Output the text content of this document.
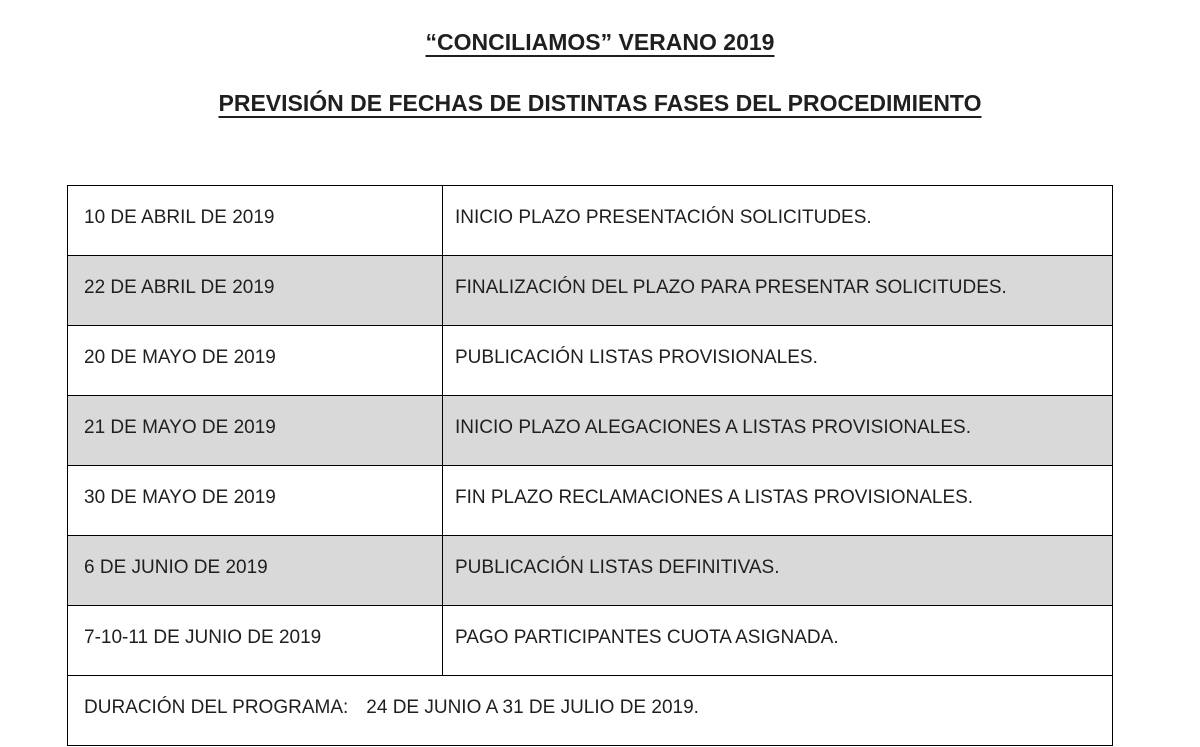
“CONCILIAMOS” VERANO 2019
PREVISIÓN DE FECHAS DE DISTINTAS FASES DEL PROCEDIMIENTO
10 DE ABRIL DE 2019	INICIO PLAZO PRESENTACIÓN SOLICITUDES.
22 DE ABRIL DE 2019	FINALIZACIÓN DEL PLAZO PARA PRESENTAR SOLICITUDES.
20 DE MAYO DE 2019	PUBLICACIÓN LISTAS PROVISIONALES.
21 DE MAYO DE 2019	INICIO PLAZO ALEGACIONES A LISTAS PROVISIONALES.
30 DE MAYO DE 2019	FIN PLAZO RECLAMACIONES A LISTAS PROVISIONALES.
6 DE JUNIO DE 2019	PUBLICACIÓN LISTAS DEFINITIVAS.
7-10-11 DE JUNIO DE 2019	PAGO PARTICIPANTES CUOTA ASIGNADA.
DURACIÓN DEL PROGRAMA: 24 DE JUNIO A 31 DE JULIO DE 2019.	
